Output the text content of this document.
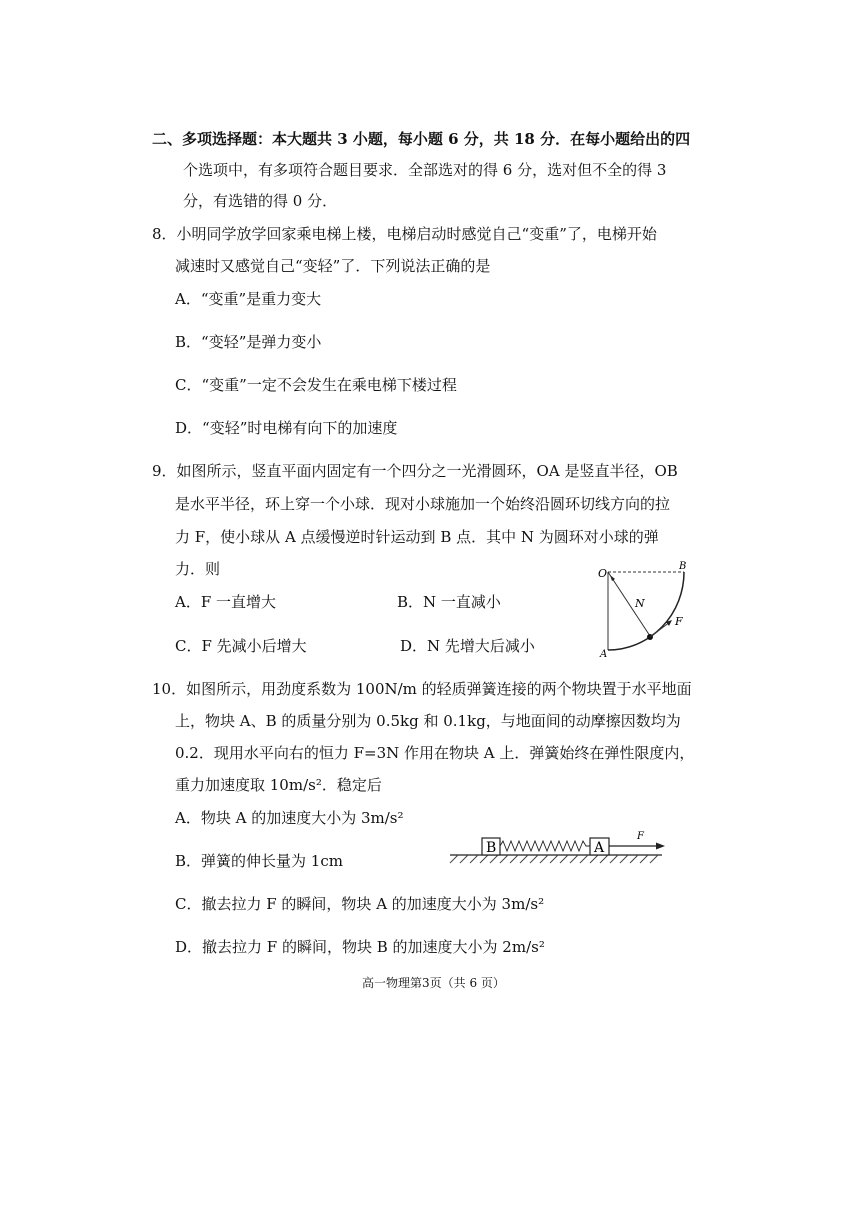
二、多项选择题：本大题共 3 小题，每小题 6 分，共 18 分．在每小题给出的四
个选项中，有多项符合题目要求．全部选对的得 6 分，选对但不全的得 3
分，有选错的得 0 分．
8．小明同学放学回家乘电梯上楼，电梯启动时感觉自己“变重”了，电梯开始
减速时又感觉自己“变轻”了．下列说法正确的是
A．“变重”是重力变大
B．“变轻”是弹力变小
C．“变重”一定不会发生在乘电梯下楼过程
D．“变轻”时电梯有向下的加速度
9．如图所示，竖直平面内固定有一个四分之一光滑圆环，OA 是竖直半径，OB
是水平半径，环上穿一个小球．现对小球施加一个始终沿圆环切线方向的拉
力 F，使小球从 A 点缓慢逆时针运动到 B 点．其中 N 为圆环对小球的弹
力．则
A．F 一直增大	B．N 一直减小
C．F 先减小后增大	D．N 先增大后减小
O
B
A
N
F
10．如图所示，用劲度系数为 100N/m 的轻质弹簧连接的两个物块置于水平地面
上，物块 A、B 的质量分别为 0.5kg 和 0.1kg，与地面间的动摩擦因数均为
0.2．现用水平向右的恒力 F=3N 作用在物块 A 上．弹簧始终在弹性限度内，
重力加速度取 10m/s²．稳定后
A．物块 A 的加速度大小为 3m/s²
B．弹簧的伸长量为 1cm
C．撤去拉力 F 的瞬间，物块 A 的加速度大小为 3m/s²
D．撤去拉力 F 的瞬间，物块 B 的加速度大小为 2m/s²
B	A
F
高一物理第3页（共 6 页）
